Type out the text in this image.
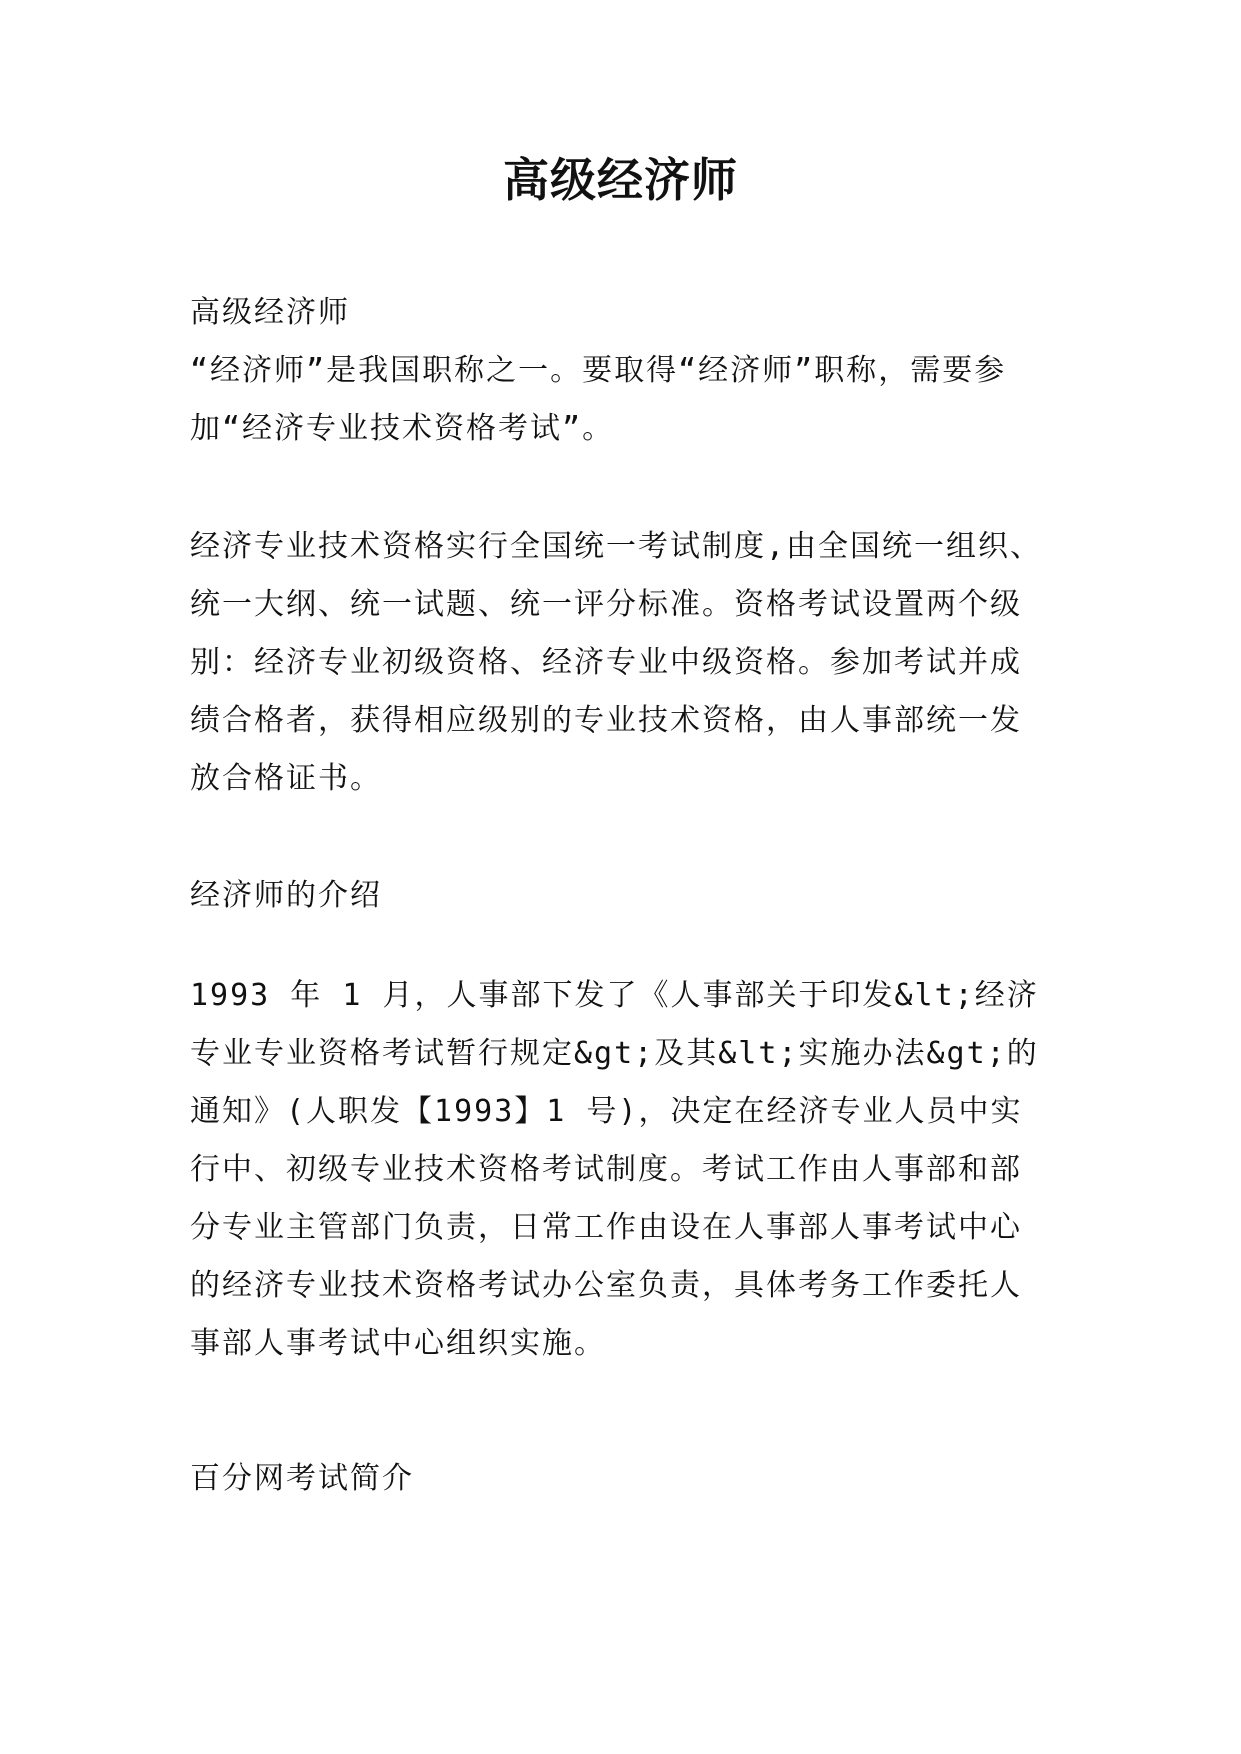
高级经济师

高级经济师

“经济师”是我国职称之一。要取得“经济师”职称，需要参加“经济专业技术资格考试”。

经济专业技术资格实行全国统一考试制度,由全国统一组织、统一大纲、统一试题、统一评分标准。资格考试设置两个级别：经济专业初级资格、经济专业中级资格。参加考试并成绩合格者，获得相应级别的专业技术资格，由人事部统一发放合格证书。

经济师的介绍

1993 年 1 月，人事部下发了《人事部关于印发&lt;经济专业专业资格考试暂行规定&gt;及其&lt;实施办法&gt;的通知》(人职发【1993】1 号)，决定在经济专业人员中实行中、初级专业技术资格考试制度。考试工作由人事部和部分专业主管部门负责，日常工作由设在人事部人事考试中心的经济专业技术资格考试办公室负责，具体考务工作委托人事部人事考试中心组织实施。

百分网考试简介
